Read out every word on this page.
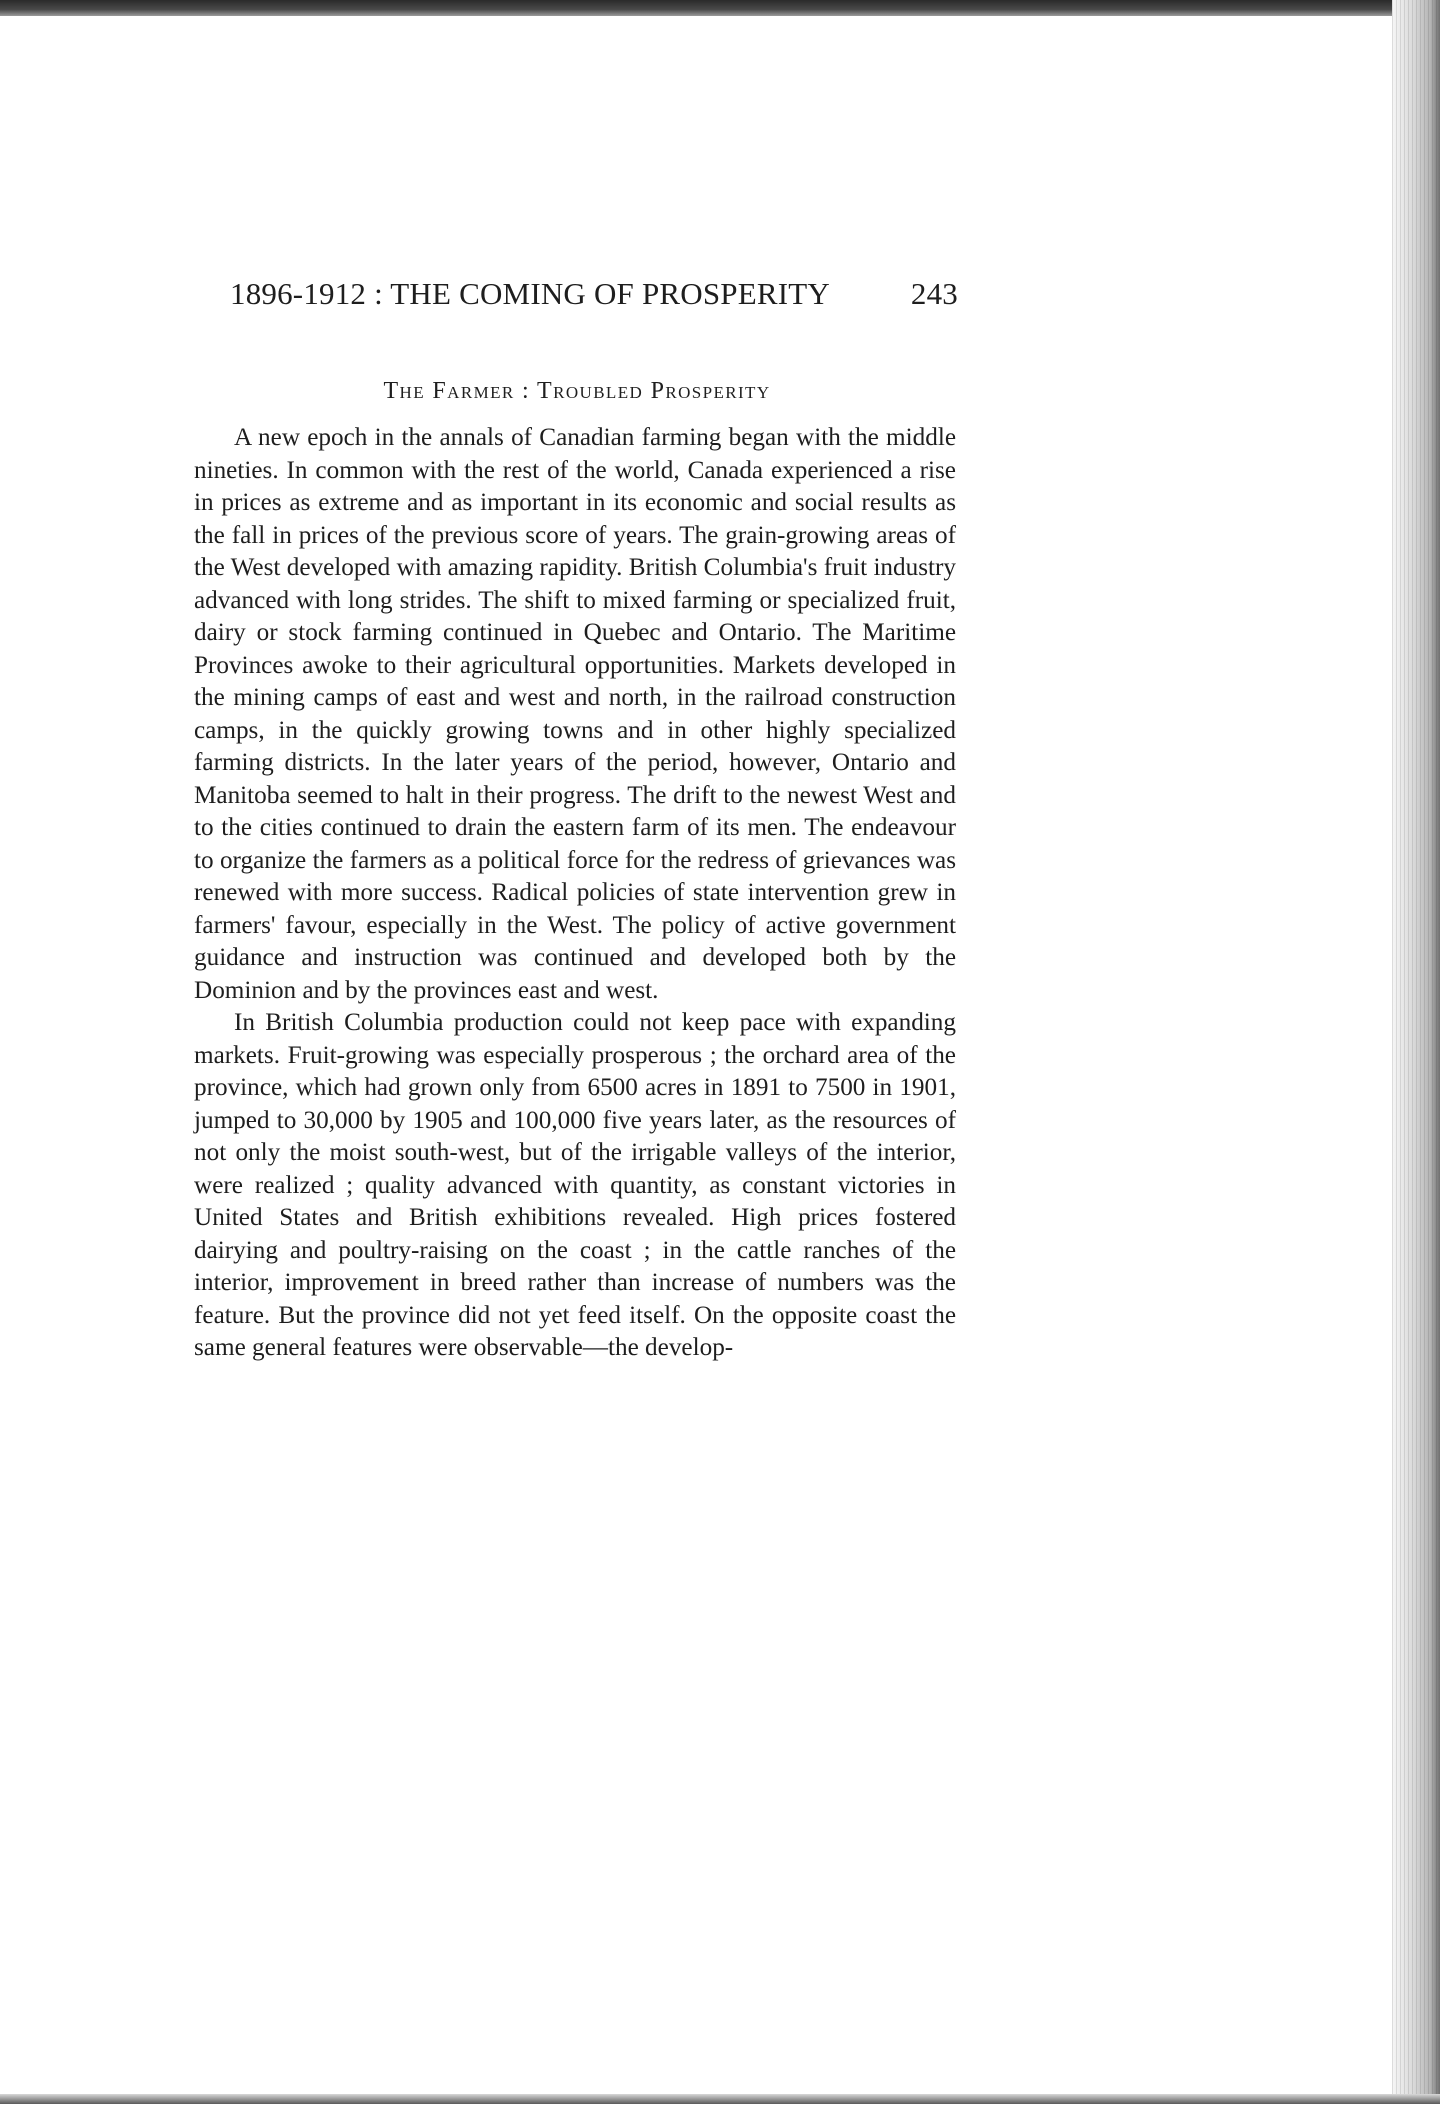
1896-1912 : THE COMING OF PROSPERITY	243
The Farmer : Troubled Prosperity

A new epoch in the annals of Canadian farming began with the middle nineties. In common with the rest of the world, Canada experienced a rise in prices as extreme and as important in its economic and social results as the fall in prices of the previous score of years. The grain-growing areas of the West developed with amazing rapidity. British Columbia's fruit industry advanced with long strides. The shift to mixed farming or specialized fruit, dairy or stock farming continued in Quebec and Ontario. The Maritime Provinces awoke to their agricultural opportunities. Markets developed in the mining camps of east and west and north, in the railroad construction camps, in the quickly growing towns and in other highly specialized farming districts. In the later years of the period, however, Ontario and Manitoba seemed to halt in their progress. The drift to the newest West and to the cities continued to drain the eastern farm of its men. The endeavour to organize the farmers as a political force for the redress of grievances was renewed with more success. Radical policies of state intervention grew in farmers' favour, especially in the West. The policy of active government guidance and instruction was continued and developed both by the Dominion and by the provinces east and west.

In British Columbia production could not keep pace with expanding markets. Fruit-growing was especially prosperous ; the orchard area of the province, which had grown only from 6500 acres in 1891 to 7500 in 1901, jumped to 30,000 by 1905 and 100,000 five years later, as the resources of not only the moist south-west, but of the irrigable valleys of the interior, were realized ; quality advanced with quantity, as constant victories in United States and British exhibitions revealed. High prices fostered dairying and poultry-raising on the coast ; in the cattle ranches of the interior, improvement in breed rather than increase of numbers was the feature. But the province did not yet feed itself. On the opposite coast the same general features were observable—the develop-
